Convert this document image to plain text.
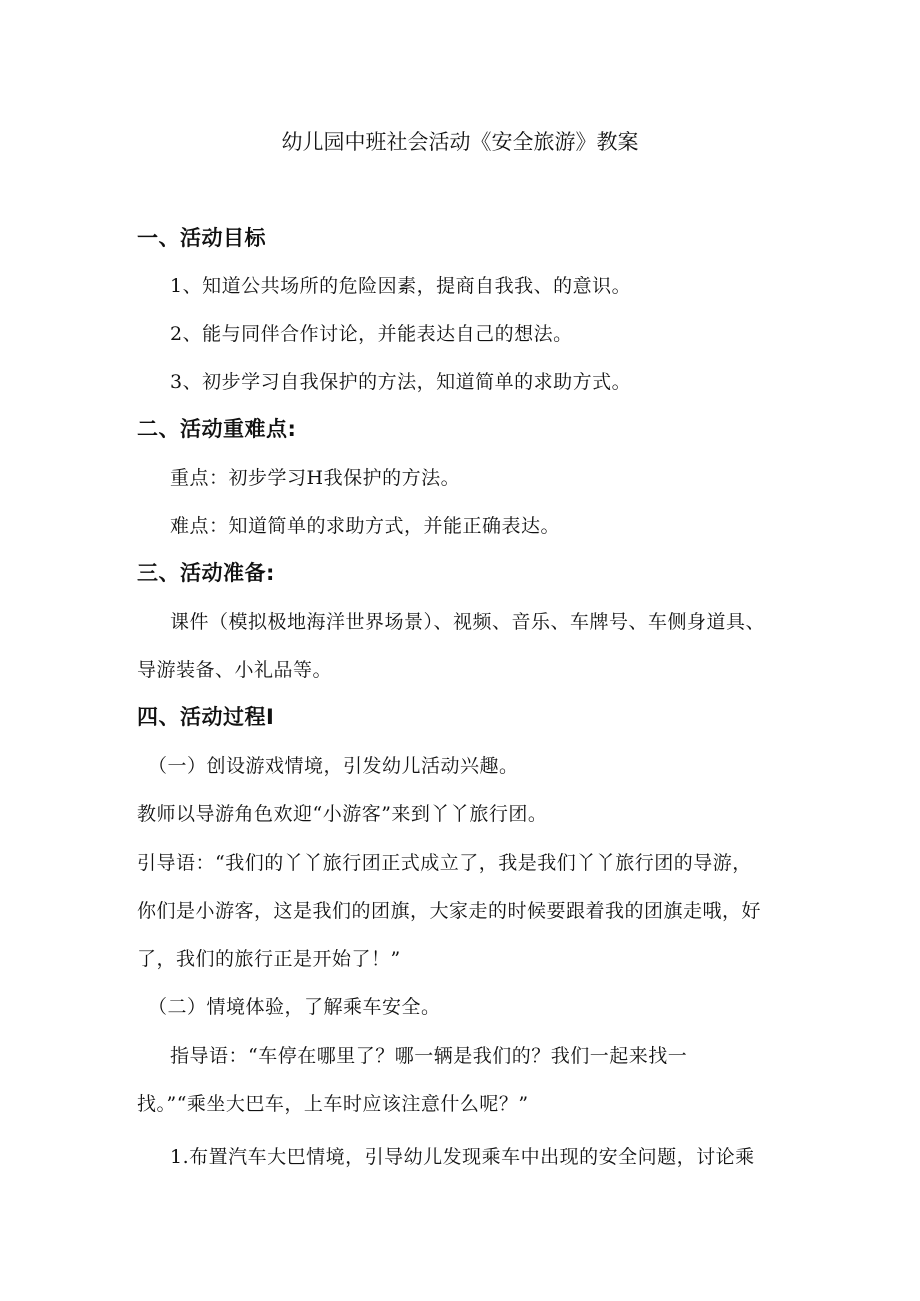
幼儿园中班社会活动《安全旅游》教案
一、活动目标
1、知道公共场所的危险因素，提商自我我、的意识。
2、能与同伴合作讨论，并能表达自己的想法。
3、初步学习自我保护的方法，知道简单的求助方式。
二、活动重难点:
重点：初步学习H我保护的方法。
难点：知道简单的求助方式，并能正确表达。
三、活动准备:
课件（模拟极地海洋世界场景）、视频、音乐、车牌号、车侧身道具、
导游装备、小礼品等。
四、活动过程I
（一）创设游戏情境，引发幼儿活动兴趣。
教师以导游角色欢迎“小游客”来到丫丫旅行团。
引导语：“我们的丫丫旅行团正式成立了，我是我们丫丫旅行团的导游，
你们是小游客，这是我们的团旗，大家走的时候要跟着我的团旗走哦，好
了，我们的旅行正是开始了！”
（二）情境体验，了解乘车安全。
指导语：“车停在哪里了？哪一辆是我们的？我们一起来找一
找。”“乘坐大巴车，上车时应该注意什么呢？”
1.布置汽车大巴情境，引导幼儿发现乘车中出现的安全问题，讨论乘
